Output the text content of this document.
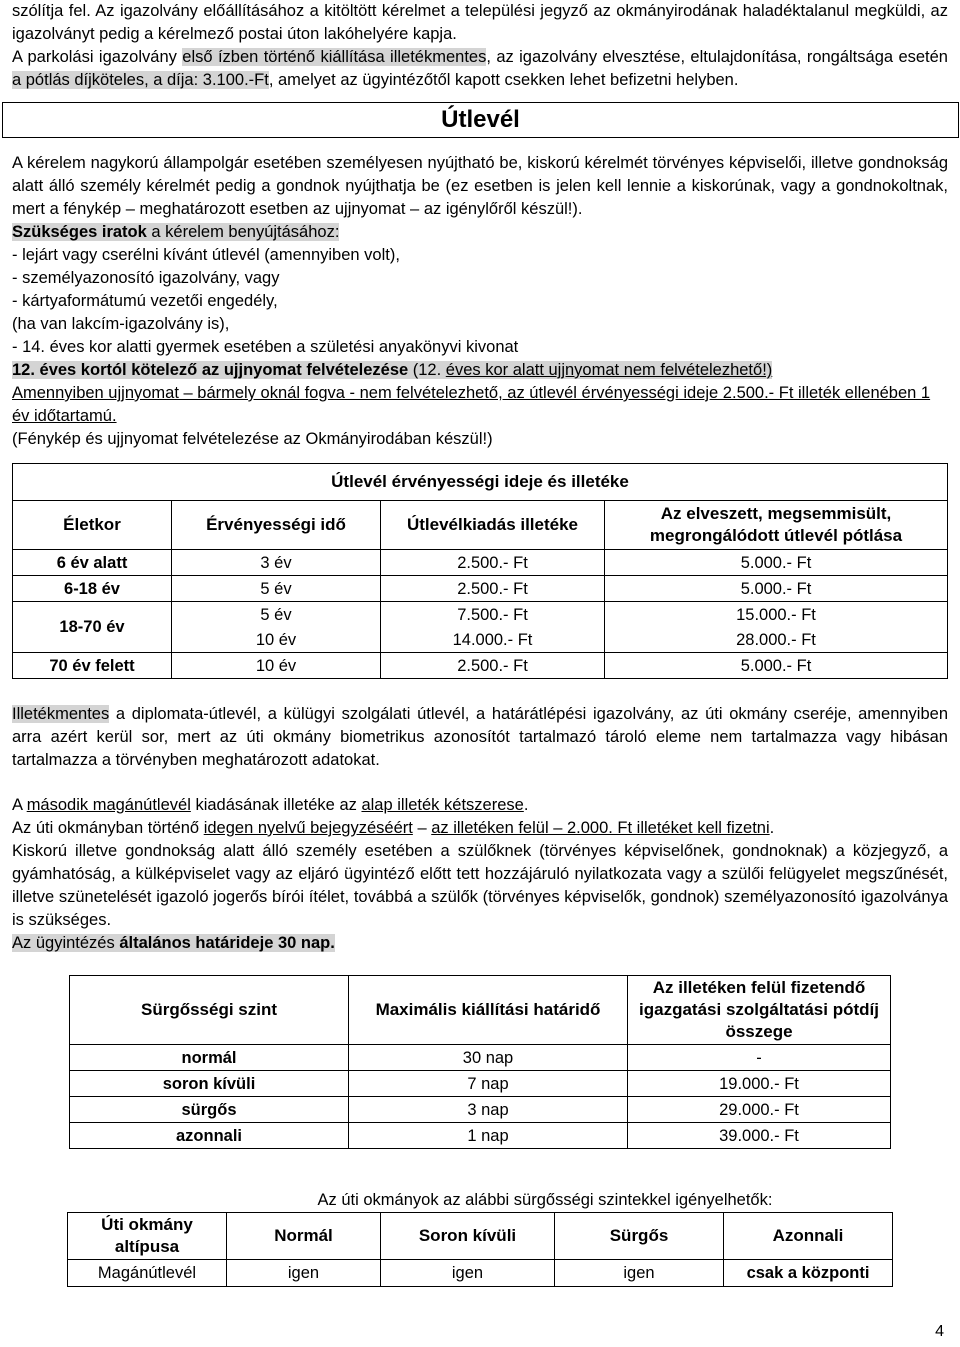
szólítja fel. Az igazolvány előállításához a kitöltött kérelmet a települési jegyző az okmányirodának haladéktalanul megküldi, az igazolványt pedig a kérelmező postai úton lakóhelyére kapja.

A parkolási igazolvány első ízben történő kiállítása illetékmentes, az igazolvány elvesztése, eltulajdonítása, rongáltsága esetén a pótlás díjköteles, a díja: 3.100.-Ft, amelyet az ügyintézőtől kapott csekken lehet befizetni helyben.

Útlevél

A kérelem nagykorú állampolgár esetében személyesen nyújtható be, kiskorú kérelmét törvényes képviselői, illetve gondnokság alatt álló személy kérelmét pedig a gondnok nyújthatja be (ez esetben is jelen kell lennie a kiskorúnak, vagy a gondnokoltnak, mert a fénykép – meghatározott esetben az ujjnyomat – az igénylőről készül!).

Szükséges iratok a kérelem benyújtásához:

- lejárt vagy cserélni kívánt útlevél (amennyiben volt),

- személyazonosító igazolvány, vagy

- kártyaformátumú vezetői engedély,

(ha van lakcím-igazolvány is),

- 14. éves kor alatti gyermek esetében a születési anyakönyvi kivonat

12. éves kortól kötelező az ujjnyomat felvételezése (12. éves kor alatt ujjnyomat nem felvételezhető!)

Amennyiben ujjnyomat – bármely oknál fogva - nem felvételezhető, az útlevél érvényességi ideje 2.500.- Ft illeték ellenében 1 év időtartamú.

(Fénykép és ujjnyomat felvételezése az Okmányirodában készül!)

Útlevél érvényességi ideje és illetéke			
Életkor	Érvényességi idő	Útlevélkiadás illetéke	Az elveszett, megsemmisült, megrongálódott útlevél pótlása
6 év alatt	3 év	2.500.- Ft	5.000.- Ft
6-18 év	5 év	2.500.- Ft	5.000.- Ft
18-70 év	5 év	7.500.- Ft	15.000.- Ft
	10 év	14.000.- Ft	28.000.- Ft
70 év felett	10 év	2.500.- Ft	5.000.- Ft

Illetékmentes a diplomata-útlevél, a külügyi szolgálati útlevél, a határátlépési igazolvány, az úti okmány cseréje, amennyiben arra azért kerül sor, mert az úti okmány biometrikus azonosítót tartalmazó tároló eleme nem tartalmazza vagy hibásan tartalmazza a törvényben meghatározott adatokat.

A második magánútlevél kiadásának illetéke az alap illeték kétszerese.

Az úti okmányban történő idegen nyelvű bejegyzéséért – az illetéken felül – 2.000. Ft illetéket kell fizetni.

Kiskorú illetve gondnokság alatt álló személy esetében a szülőknek (törvényes képviselőnek, gondnoknak) a közjegyző, a gyámhatóság, a külképviselet vagy az eljáró ügyintéző előtt tett hozzájáruló nyilatkozata vagy a szülői felügyelet megszűnését, illetve szünetelését igazoló jogerős bírói ítélet, továbbá a szülők (törvényes képviselők, gondnok) személyazonosító igazolványa is szükséges.

Az ügyintézés általános határideje 30 nap.

Sürgősségi szint	Maximális kiállítási határidő	Az illetéken felül fizetendő igazgatási szolgáltatási pótdíj összege
normál	30 nap	-
soron kívüli	7 nap	19.000.- Ft
sürgős	3 nap	29.000.- Ft
azonnali	1 nap	39.000.- Ft

Az úti okmányok az alábbi sürgősségi szintekkel igényelhetők:

Úti okmány altípusa	Normál	Soron kívüli	Sürgős	Azonnali
Magánútlevél	igen	igen	igen	csak a központi
4
